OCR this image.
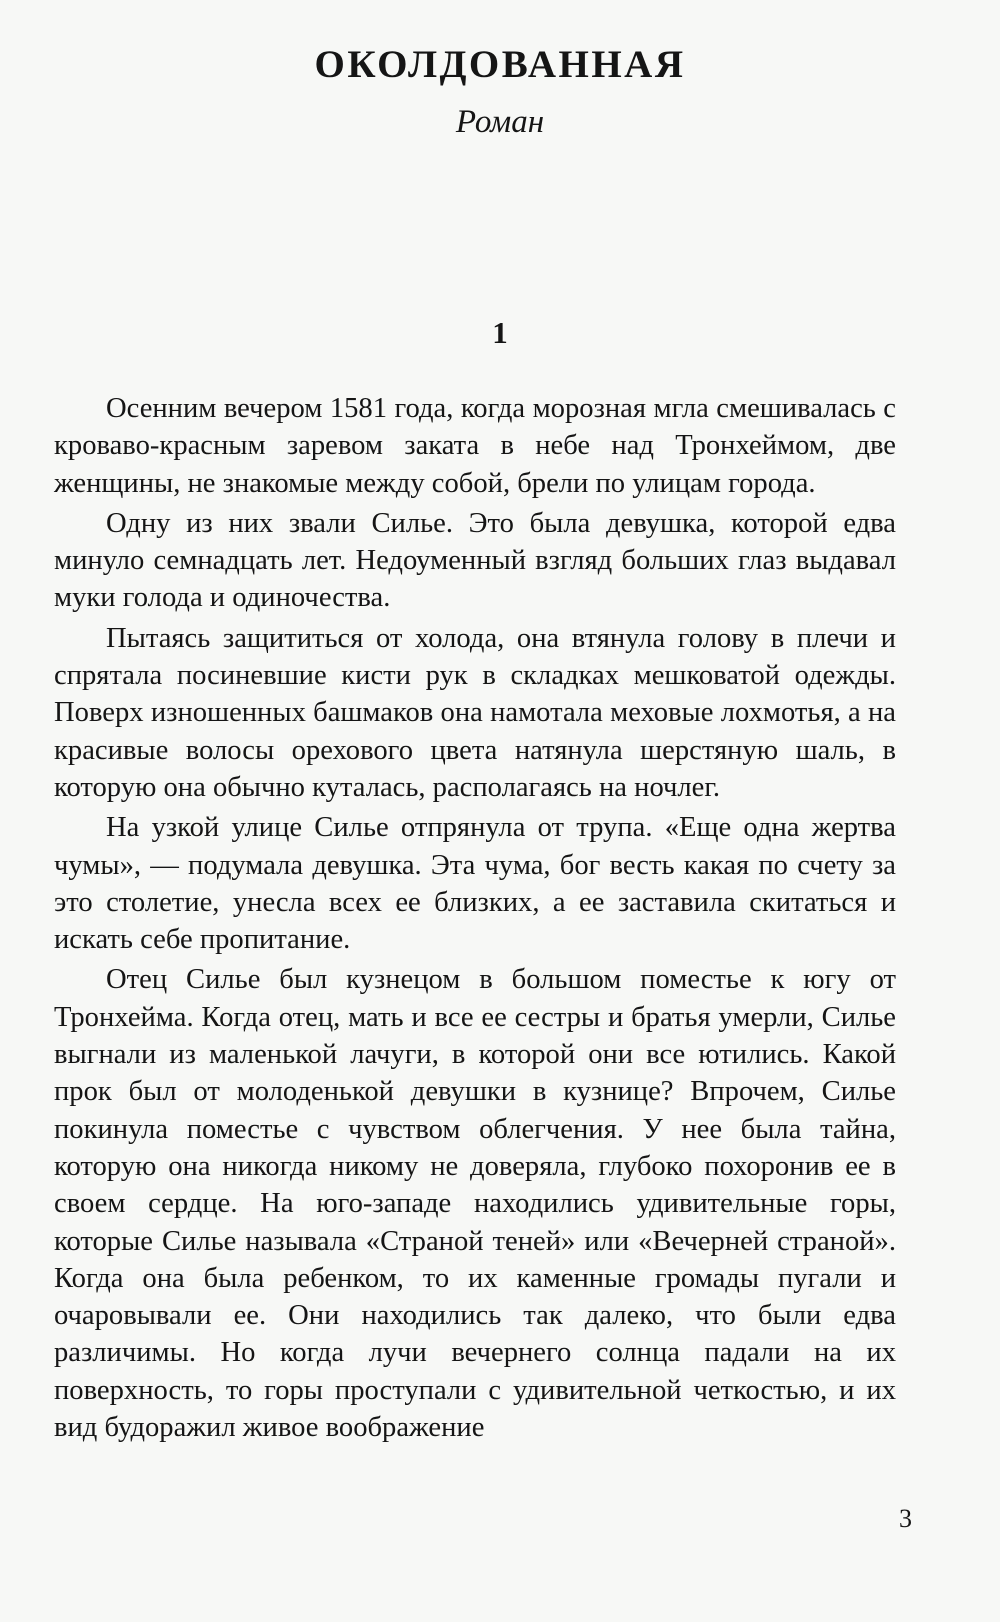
ОКОЛДОВАННАЯ
Роман
1

Осенним вечером 1581 года, когда морозная мгла смешивалась с кроваво-красным заревом заката в небе над Тронхеймом, две женщины, не знакомые между собой, брели по улицам города.

Одну из них звали Силье. Это была девушка, которой едва минуло семнадцать лет. Недоуменный взгляд больших глаз выдавал муки голода и одиночества.

Пытаясь защититься от холода, она втянула голову в плечи и спрятала посиневшие кисти рук в складках мешковатой одежды. Поверх изношенных башмаков она намотала меховые лохмотья, а на красивые волосы орехового цвета натянула шерстяную шаль, в которую она обычно куталась, располагаясь на ночлег.

На узкой улице Силье отпрянула от трупа. «Еще одна жертва чумы», — подумала девушка. Эта чума, бог весть какая по счету за это столетие, унесла всех ее близких, а ее заставила скитаться и искать себе пропитание.

Отец Силье был кузнецом в большом поместье к югу от Тронхейма. Когда отец, мать и все ее сестры и братья умерли, Силье выгнали из маленькой лачуги, в которой они все ютились. Какой прок был от молоденькой девушки в кузнице? Впрочем, Силье покинула поместье с чувством облегчения. У нее была тайна, которую она никогда никому не доверяла, глубоко похоронив ее в своем сердце. На юго-западе находились удивительные горы, которые Силье называла «Страной теней» или «Вечерней страной». Когда она была ребенком, то их каменные громады пугали и очаровывали ее. Они находились так далеко, что были едва различимы. Но когда лучи вечернего солнца падали на их поверхность, то горы проступали с удивительной четкостью, и их вид будоражил живое воображение

3
